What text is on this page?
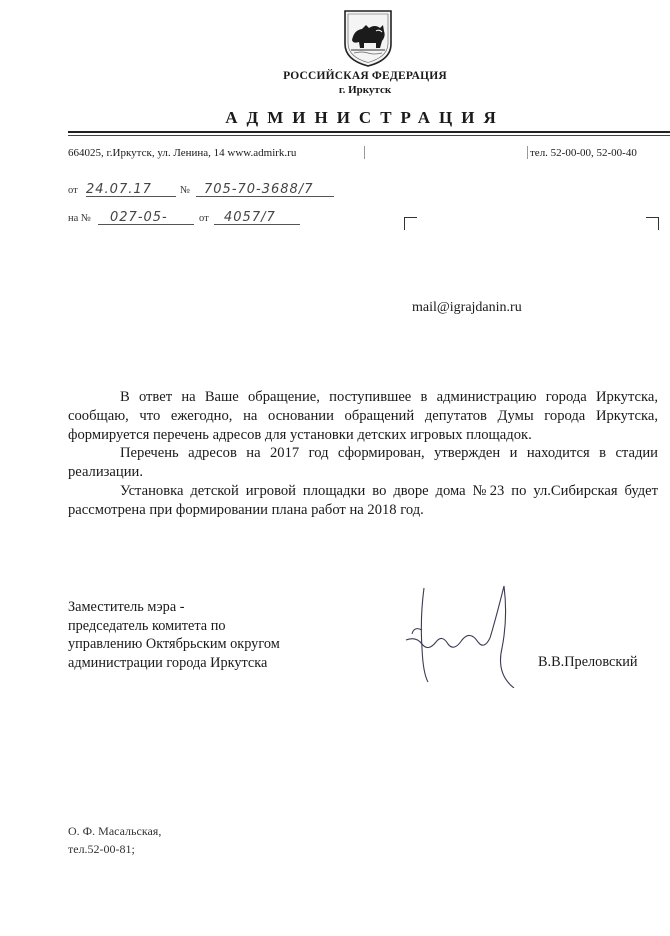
РОССИЙСКАЯ ФЕДЕРАЦИЯ
г. Иркутск
АДМИНИСТРАЦИЯ
664025, г.Иркутск, ул. Ленина, 14 www.admirk.ru	тел. 52-00-00, 52-00-40
от 24.07.17	№	705-70-3688/7
на №	027-05-	от	4057/7
mail@igrajdanin.ru

В ответ на Ваше обращение, поступившее в администрацию города Иркутска, сообщаю, что ежегодно, на основании обращений депутатов Думы города Иркутска, формируется перечень адресов для установки детских игровых площадок.

Перечень адресов на 2017 год сформирован, утвержден и находится в стадии реализации.

Установка детской игровой площадки во дворе дома №23 по ул.Сибирская будет рассмотрена при формировании плана работ на 2018 год.

Заместитель мэра -
председатель комитета по
управлению Октябрьским округом
администрации города Иркутска	В.В.Преловский
О. Ф. Масальская,
тел.52-00-81;
